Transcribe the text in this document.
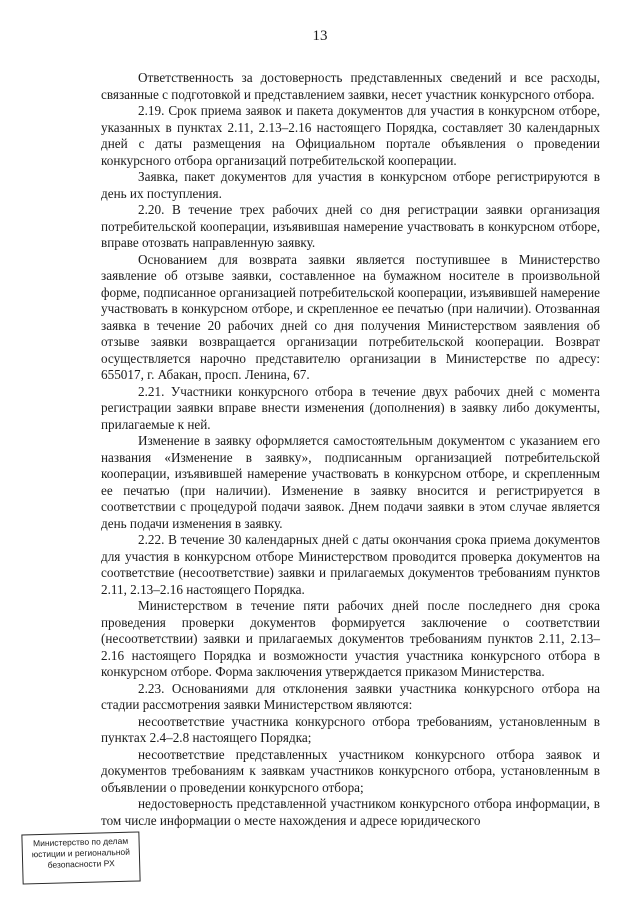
13

Ответственность за достоверность представленных сведений и все расходы, связанные с подготовкой и представлением заявки, несет участник конкурсного отбора.

2.19. Срок приема заявок и пакета документов для участия в конкурсном отборе, указанных в пунктах 2.11, 2.13–2.16 настоящего Порядка, составляет 30 календарных дней с даты размещения на Официальном портале объявления о проведении конкурсного отбора организаций потребительской кооперации.

Заявка, пакет документов для участия в конкурсном отборе регистрируются в день их поступления.

2.20. В течение трех рабочих дней со дня регистрации заявки организация потребительской кооперации, изъявившая намерение участвовать в конкурсном отборе, вправе отозвать направленную заявку.

Основанием для возврата заявки является поступившее в Министерство заявление об отзыве заявки, составленное на бумажном носителе в произвольной форме, подписанное организацией потребительской кооперации, изъявившей намерение участвовать в конкурсном отборе, и скрепленное ее печатью (при наличии). Отозванная заявка в течение 20 рабочих дней со дня получения Министерством заявления об отзыве заявки возвращается организации потребительской кооперации. Возврат осуществляется нарочно представителю организации в Министерстве по адресу: 655017, г. Абакан, просп. Ленина, 67.

2.21. Участники конкурсного отбора в течение двух рабочих дней с момента регистрации заявки вправе внести изменения (дополнения) в заявку либо документы, прилагаемые к ней.

Изменение в заявку оформляется самостоятельным документом с указанием его названия «Изменение в заявку», подписанным организацией потребительской кооперации, изъявившей намерение участвовать в конкурсном отборе, и скрепленным ее печатью (при наличии). Изменение в заявку вносится и регистрируется в соответствии с процедурой подачи заявок. Днем подачи заявки в этом случае является день подачи изменения в заявку.

2.22. В течение 30 календарных дней с даты окончания срока приема документов для участия в конкурсном отборе Министерством проводится проверка документов на соответствие (несоответствие) заявки и прилагаемых документов требованиям пунктов 2.11, 2.13–2.16 настоящего Порядка.

Министерством в течение пяти рабочих дней после последнего дня срока проведения проверки документов формируется заключение о соответствии (несоответствии) заявки и прилагаемых документов требованиям пунктов 2.11, 2.13–2.16 настоящего Порядка и возможности участия участника конкурсного отбора в конкурсном отборе. Форма заключения утверждается приказом Министерства.

2.23. Основаниями для отклонения заявки участника конкурсного отбора на стадии рассмотрения заявки Министерством являются:

несоответствие участника конкурсного отбора требованиям, установленным в пунктах 2.4–2.8 настоящего Порядка;

несоответствие представленных участником конкурсного отбора заявок и документов требованиям к заявкам участников конкурсного отбора, установленным в объявлении о проведении конкурсного отбора;

недостоверность представленной участником конкурсного отбора информации, в том числе информации о месте нахождения и адресе юридического

Министерство по делам
юстиции и региональной
безопасности РХ
